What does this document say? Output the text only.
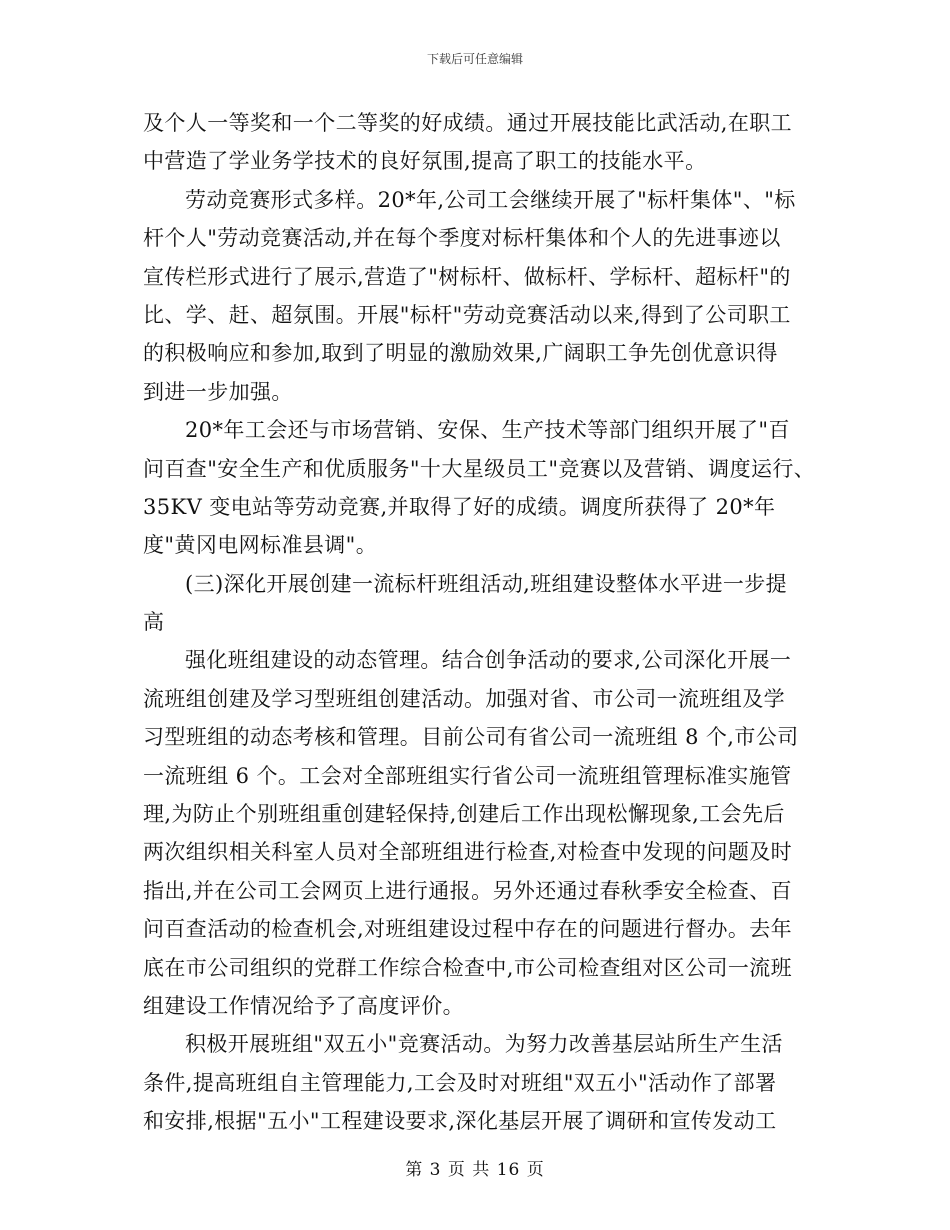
下载后可任意编辑
及个人一等奖和一个二等奖的好成绩。通过开展技能比武活动,在职工
中营造了学业务学技术的良好氛围,提高了职工的技能水平。
劳动竞赛形式多样。20*年,公司工会继续开展了"标杆集体"、"标
杆个人"劳动竞赛活动,并在每个季度对标杆集体和个人的先进事迹以
宣传栏形式进行了展示,营造了"树标杆、做标杆、学标杆、超标杆"的
比、学、赶、超氛围。开展"标杆"劳动竞赛活动以来,得到了公司职工
的积极响应和参加,取到了明显的激励效果,广阔职工争先创优意识得
到进一步加强。
20*年工会还与市场营销、安保、生产技术等部门组织开展了"百
问百查"安全生产和优质服务"十大星级员工"竞赛以及营销、调度运行、
35KV 变电站等劳动竞赛,并取得了好的成绩。调度所获得了 20*年
度"黄冈电网标准县调"。
(三)深化开展创建一流标杆班组活动,班组建设整体水平进一步提
高
强化班组建设的动态管理。结合创争活动的要求,公司深化开展一
流班组创建及学习型班组创建活动。加强对省、市公司一流班组及学
习型班组的动态考核和管理。目前公司有省公司一流班组 8 个,市公司
一流班组 6 个。工会对全部班组实行省公司一流班组管理标准实施管
理,为防止个别班组重创建轻保持,创建后工作出现松懈现象,工会先后
两次组织相关科室人员对全部班组进行检查,对检查中发现的问题及时
指出,并在公司工会网页上进行通报。另外还通过春秋季安全检查、百
问百查活动的检查机会,对班组建设过程中存在的问题进行督办。去年
底在市公司组织的党群工作综合检查中,市公司检查组对区公司一流班
组建设工作情况给予了高度评价。
积极开展班组"双五小"竞赛活动。为努力改善基层站所生产生活
条件,提高班组自主管理能力,工会及时对班组"双五小"活动作了部署
和安排,根据"五小"工程建设要求,深化基层开展了调研和宣传发动工
第 3 页 共 16 页
